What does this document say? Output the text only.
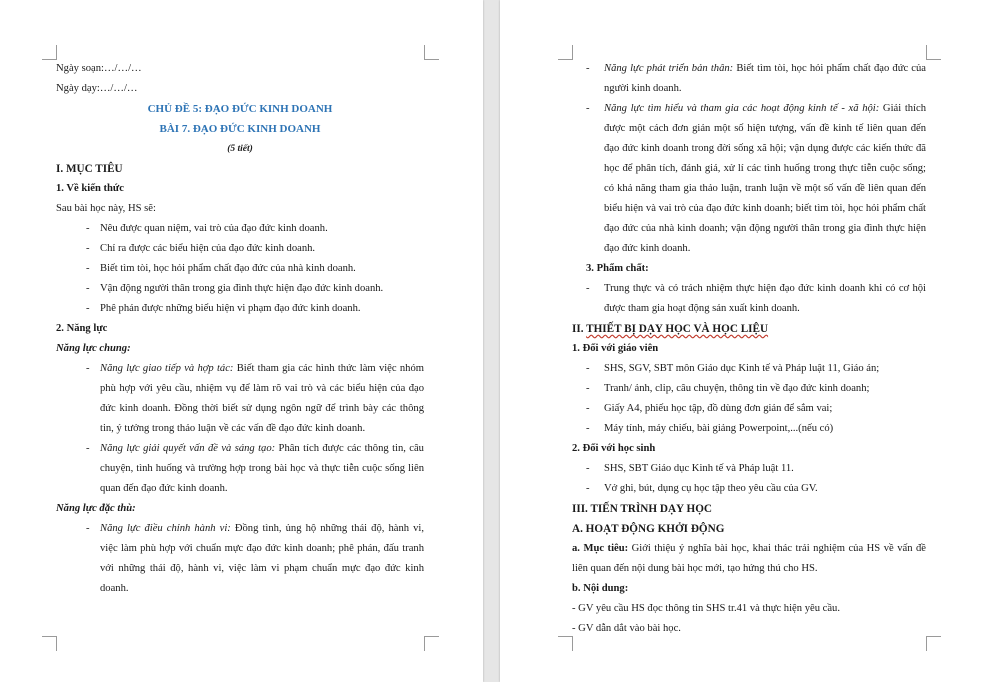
Ngày soạn:…/…/…

Ngày dạy:…/…/…

CHỦ ĐỀ 5: ĐẠO ĐỨC KINH DOANH

BÀI 7. ĐẠO ĐỨC KINH DOANH

(5 tiết)

I. MỤC TIÊU

1. Về kiến thức

Sau bài học này, HS sẽ:

- Nêu được quan niệm, vai trò của đạo đức kinh doanh.
- Chỉ ra được các biểu hiện của đạo đức kinh doanh.
- Biết tìm tòi, học hỏi phẩm chất đạo đức của nhà kinh doanh.
- Vận động người thân trong gia đình thực hiện đạo đức kinh doanh.
- Phê phán được những biểu hiện vi phạm đạo đức kinh doanh.

2. Năng lực

Năng lực chung:

- Năng lực giao tiếp và hợp tác: Biết tham gia các hình thức làm việc nhóm phù hợp với yêu cầu, nhiệm vụ để làm rõ vai trò và các biểu hiện của đạo đức kinh doanh. Đồng thời biết sử dụng ngôn ngữ để trình bày các thông tin, ý tưởng trong thảo luận về các vấn đề đạo đức kinh doanh.
- Năng lực giải quyết vấn đề và sáng tạo: Phân tích được các thông tin, câu chuyện, tình huống và trường hợp trong bài học và thực tiễn cuộc sống liên quan đến đạo đức kinh doanh.

Năng lực đặc thù:

- Năng lực điều chỉnh hành vi: Đồng tình, ủng hộ những thái độ, hành vi, việc làm phù hợp với chuẩn mực đạo đức kinh doanh; phê phán, đấu tranh với những thái độ, hành vi, việc làm vi phạm chuẩn mực đạo đức kinh doanh.
- Năng lực phát triển bản thân: Biết tìm tòi, học hỏi phẩm chất đạo đức của người kinh doanh.
- Năng lực tìm hiểu và tham gia các hoạt động kinh tế - xã hội: Giải thích được một cách đơn giản một số hiện tượng, vấn đề kinh tế liên quan đến đạo đức kinh doanh trong đời sống xã hội; vận dụng được các kiến thức đã học để phân tích, đánh giá, xử lí các tình huống trong thực tiễn cuộc sống; có khả năng tham gia thảo luận, tranh luận về một số vấn đề liên quan đến biểu hiện và vai trò của đạo đức kinh doanh; biết tìm tòi, học hỏi phẩm chất đạo đức của nhà kinh doanh; vận động người thân trong gia đình thực hiện đạo đức kinh doanh.

3. Phẩm chất:

- Trung thực và có trách nhiệm thực hiện đạo đức kinh doanh khi có cơ hội được tham gia hoạt động sản xuất kinh doanh.

II. THIẾT BỊ DẠY HỌC VÀ HỌC LIỆU

1. Đối với giáo viên

- SHS, SGV, SBT môn Giáo dục Kinh tế và Pháp luật 11, Giáo án;
- Tranh/ ảnh, clip, câu chuyện, thông tin về đạo đức kinh doanh;
- Giấy A4, phiếu học tập, đồ dùng đơn giản để sắm vai;
- Máy tính, máy chiếu, bài giảng Powerpoint,...(nếu có)

2. Đối với học sinh

- SHS, SBT Giáo dục Kinh tế và Pháp luật 11.
- Vở ghi, bút, dụng cụ học tập theo yêu cầu của GV.

III. TIẾN TRÌNH DẠY HỌC

A. HOẠT ĐỘNG KHỞI ĐỘNG

a. Mục tiêu: Giới thiệu ý nghĩa bài học, khai thác trải nghiệm của HS về vấn đề liên quan đến nội dung bài học mới, tạo hứng thú cho HS.

b. Nội dung:

- GV yêu cầu HS đọc thông tin SHS tr.41 và thực hiện yêu cầu.

- GV dẫn dắt vào bài học.
